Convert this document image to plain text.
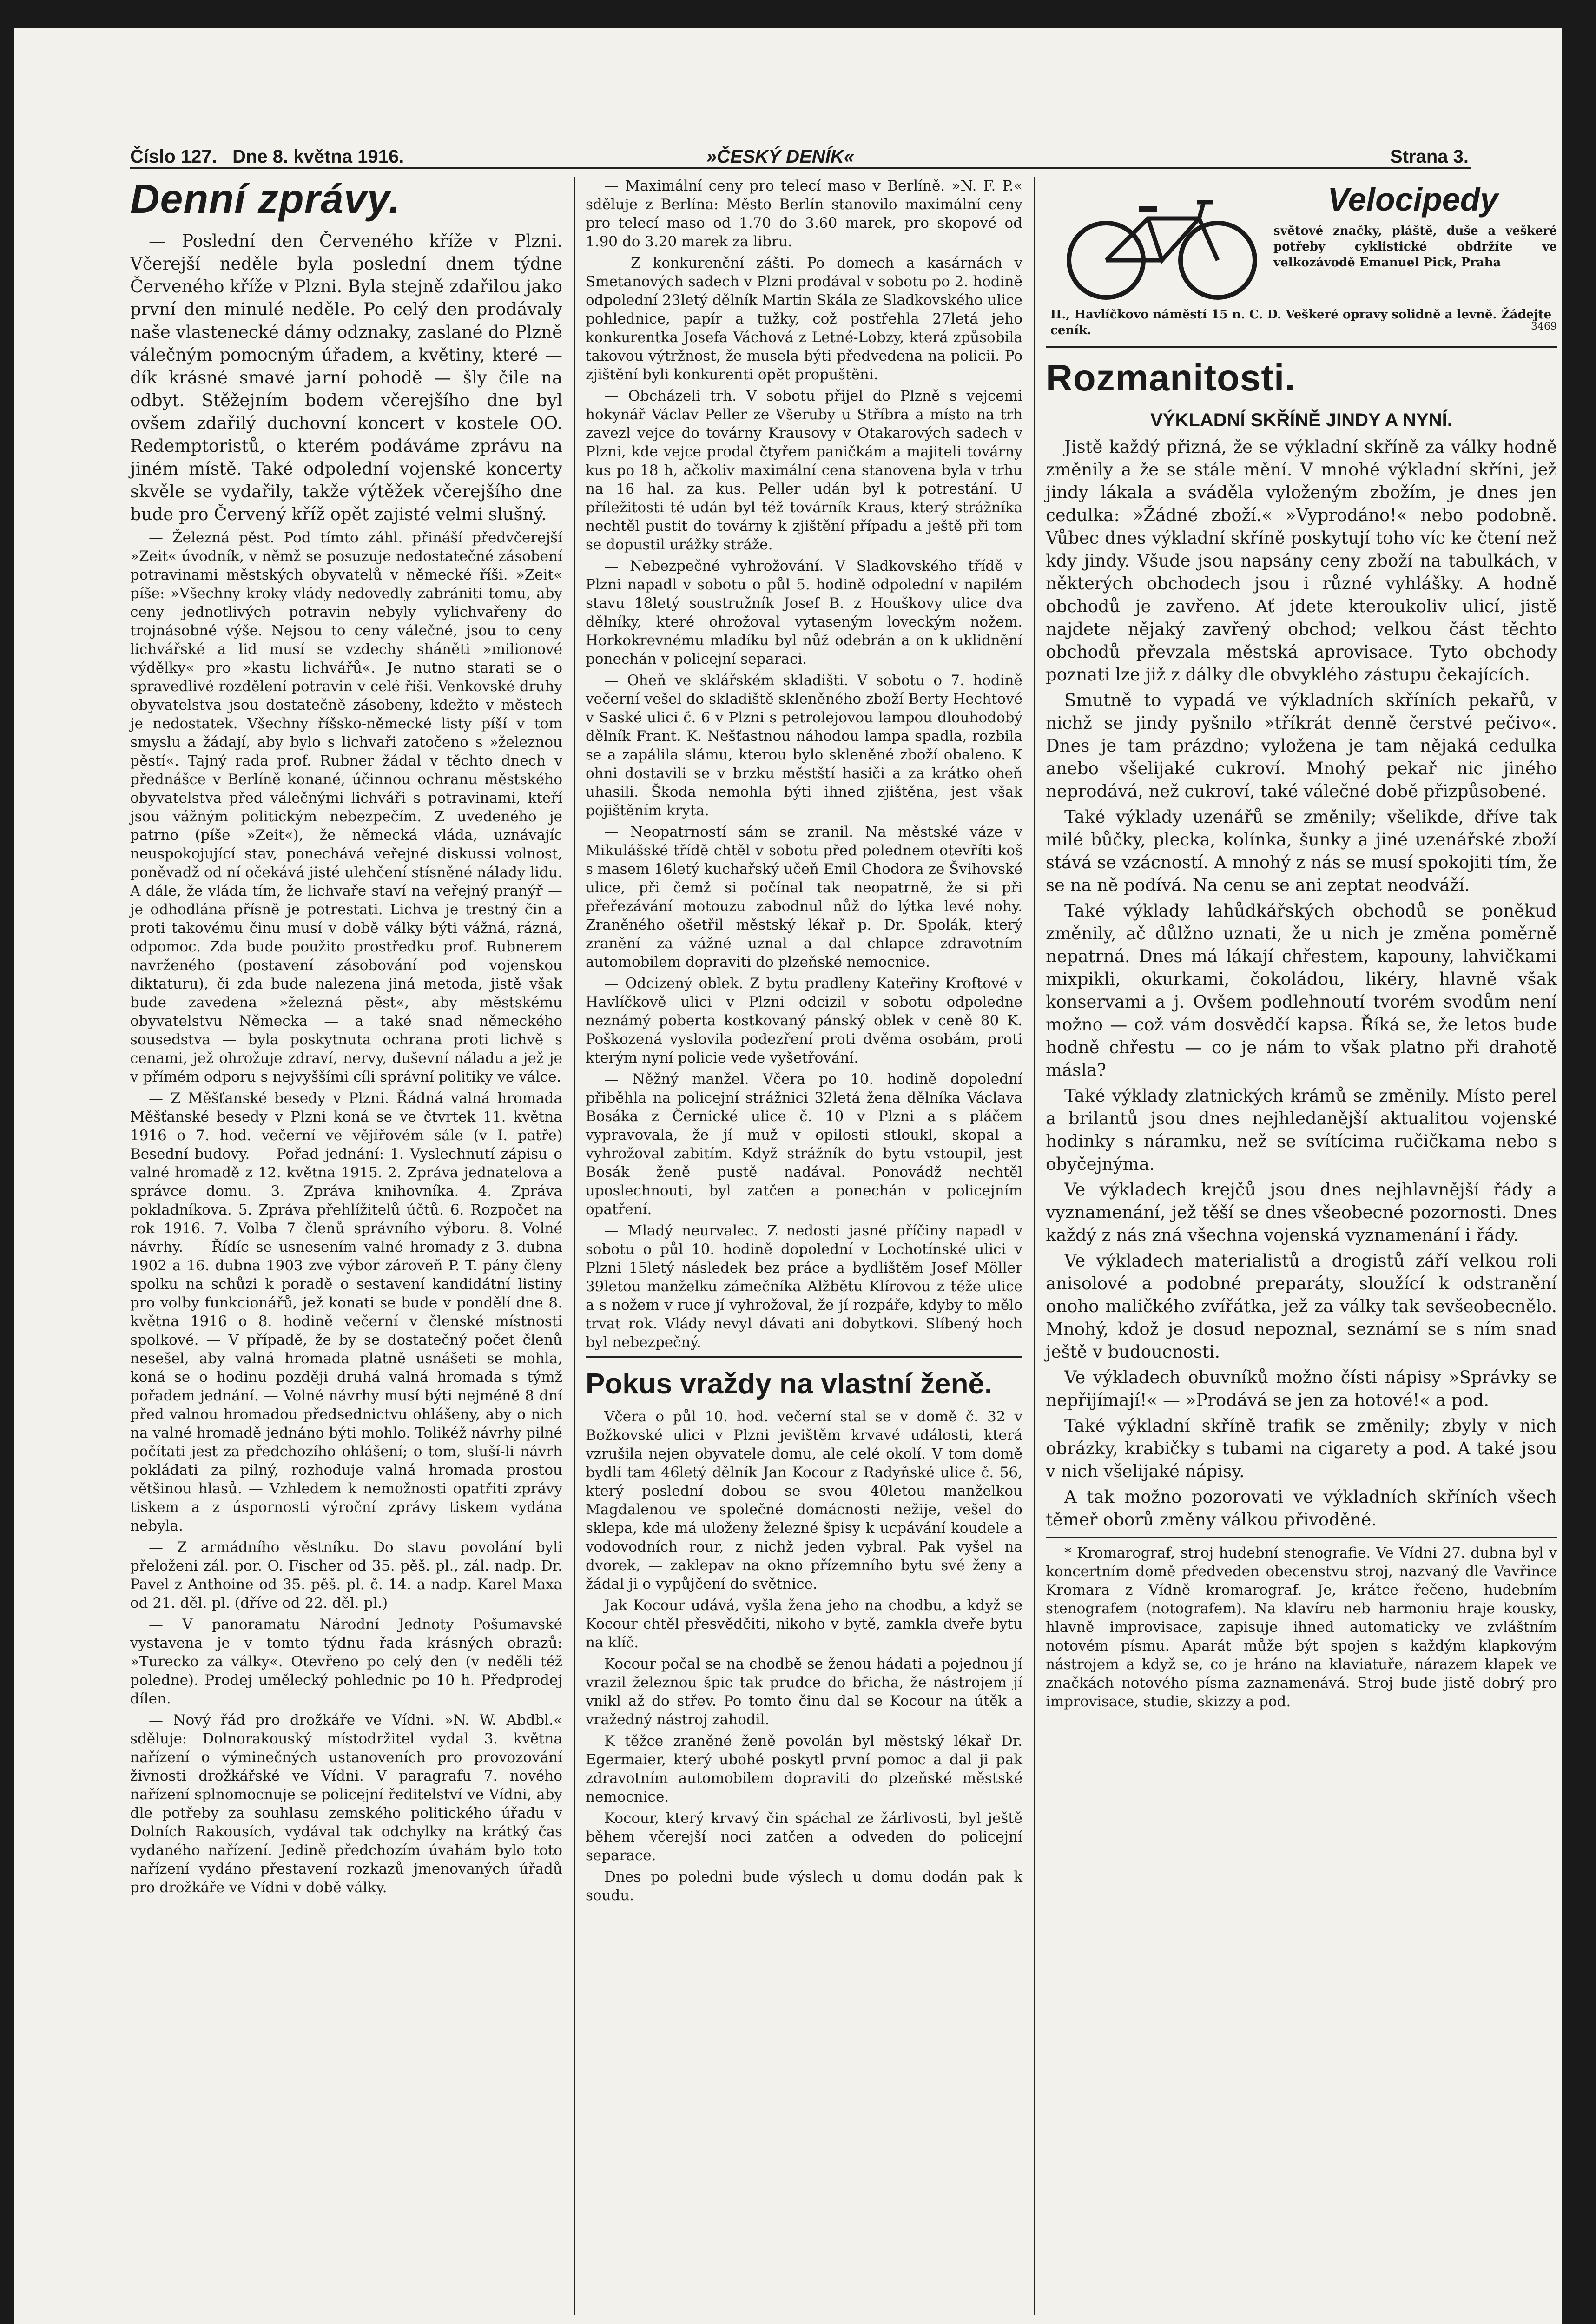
Číslo 127. Dne 8. května 1916.	»ČESKÝ DENÍK«	Strana 3.
Denní zprávy.

— Poslední den Červeného kříže v Plzni. Včerejší neděle byla poslední dnem týdne Červeného kříže v Plzni. Byla stejně zdařilou jako první den minulé neděle. Po celý den prodávaly naše vlastenecké dámy odznaky, zaslané do Plzně válečným pomocným úřadem, a květiny, které — dík krásné smavé jarní pohodě — šly čile na odbyt. Stěžejním bodem včerejšího dne byl ovšem zdařilý duchovní koncert v kostele OO. Redemptoristů, o kterém podáváme zprávu na jiném místě. Také odpolední vojenské koncerty skvěle se vydařily, takže výtěžek včerejšího dne bude pro Červený kříž opět zajisté velmi slušný.

— Železná pěst. Pod tímto záhl. přináší předvčerejší »Zeit« úvodník, v němž se posuzuje nedostatečné zásobení potravinami městských obyvatelů v německé říši. »Zeit« píše: »Všechny kroky vlády nedovedly zabrániti tomu, aby ceny jednotlivých potravin nebyly vylichvařeny do trojnásobné výše. Nejsou to ceny válečné, jsou to ceny lichvářské a lid musí se vzdechy sháněti »milionové výdělky« pro »kastu lichvářů«. Je nutno starati se o spravedlivé rozdělení potravin v celé říši. Venkovské druhy obyvatelstva jsou dostatečně zásobeny, kdežto v městech je nedostatek. Všechny říšsko-německé listy píší v tom smyslu a žádají, aby bylo s lichvaři zatočeno s »železnou pěstí«. Tajný rada prof. Rubner žádal v těchto dnech v přednášce v Berlíně konané, účinnou ochranu městského obyvatelstva před válečnými lichváři s potravinami, kteří jsou vážným politickým nebezpečím. Z uvedeného je patrno (píše »Zeit«), že německá vláda, uznávajíc neuspokojující stav, ponechává veřejné diskussi volnost, poněvadž od ní očekává jisté ulehčení stísněné nálady lidu. A dále, že vláda tím, že lichvaře staví na veřejný pranýř — je odhodlána přísně je potrestati. Lichva je trestný čin a proti takovému činu musí v době války býti vážná, rázná, odpomoc. Zda bude použito prostředku prof. Rubnerem navrženého (postavení zásobování pod vojenskou diktaturu), či zda bude nalezena jiná metoda, jistě však bude zavedena »železná pěst«, aby městskému obyvatelstvu Německa — a také snad německého sousedstva — byla poskytnuta ochrana proti lichvě s cenami, jež ohrožuje zdraví, nervy, duševní náladu a jež je v přímém odporu s nejvyššími cíli správní politiky ve válce.

— Z Měšťanské besedy v Plzni. Řádná valná hromada Měšťanské besedy v Plzni koná se ve čtvrtek 11. května 1916 o 7. hod. večerní ve vějířovém sále (v I. patře) Besední budovy. — Pořad jednání: 1. Vyslechnutí zápisu o valné hromadě z 12. května 1915. 2. Zpráva jednatelova a správce domu. 3. Zpráva knihovníka. 4. Zpráva pokladníkova. 5. Zpráva přehlížitelů účtů. 6. Rozpočet na rok 1916. 7. Volba 7 členů správního výboru. 8. Volné návrhy. — Řídíc se usnesením valné hromady z 3. dubna 1902 a 16. dubna 1903 zve výbor zároveň P. T. pány členy spolku na schůzi k poradě o sestavení kandidátní listiny pro volby funkcionářů, jež konati se bude v pondělí dne 8. května 1916 o 8. hodině večerní v členské místnosti spolkové. — V případě, že by se dostatečný počet členů nesešel, aby valná hromada platně usnášeti se mohla, koná se o hodinu později druhá valná hromada s týmž pořadem jednání. — Volné návrhy musí býti nejméně 8 dní před valnou hromadou předsednictvu ohlášeny, aby o nich na valné hromadě jednáno býti mohlo. Tolikéž návrhy pilné počítati jest za předchozího ohlášení; o tom, sluší-li návrh pokládati za pilný, rozhoduje valná hromada prostou většinou hlasů. — Vzhledem k nemožnosti opatřiti zprávy tiskem a z úspornosti výroční zprávy tiskem vydána nebyla.

— Z armádního věstníku. Do stavu povolání byli přeloženi zál. por. O. Fischer od 35. pěš. pl., zál. nadp. Dr. Pavel z Anthoine od 35. pěš. pl. č. 14. a nadp. Karel Maxa od 21. děl. pl. (dříve od 22. děl. pl.)

— V panoramatu Národní Jednoty Pošumavské vystavena je v tomto týdnu řada krásných obrazů: »Turecko za války«. Otevřeno po celý den (v neděli též poledne). Prodej umělecký pohlednic po 10 h. Předprodej dílen.

— Nový řád pro drožkáře ve Vídni. »N. W. Abdbl.« sděluje: Dolnorakouský místodržitel vydal 3. května nařízení o výminečných ustanoveních pro provozování živnosti drožkářské ve Vídni. V paragrafu 7. nového nařízení splnomocnuje se policejní ředitelství ve Vídni, aby dle potřeby za souhlasu zemského politického úřadu v Dolních Rakousích, vydával tak odchylky na krátký čas vydaného nařízení. Jedině předchozím úvahám bylo toto nařízení vydáno přestavení rozkazů jmenovaných úřadů pro drožkáře ve Vídni v době války.

— Maximální ceny pro telecí maso v Berlíně. »N. F. P.« sděluje z Berlína: Město Berlín stanovilo maximální ceny pro telecí maso od 1.70 do 3.60 marek, pro skopové od 1.90 do 3.20 marek za libru.

— Z konkurenční zášti. Po domech a kasárnách v Smetanových sadech v Plzni prodával v sobotu po 2. hodině odpolední 23letý dělník Martin Skála ze Sladkovského ulice pohlednice, papír a tužky, což postřehla 27letá jeho konkurentka Josefa Váchová z Letné-Lobzy, která způsobila takovou výtržnost, že musela býti předvedena na policii. Po zjištění byli konkurenti opět propuštěni.

— Obcházeli trh. V sobotu přijel do Plzně s vejcemi hokynář Václav Peller ze Všeruby u Stříbra a místo na trh zavezl vejce do továrny Krausovy v Otakarových sadech v Plzni, kde vejce prodal čtyřem paničkám a majiteli továrny kus po 18 h, ačkoliv maximální cena stanovena byla v trhu na 16 hal. za kus. Peller udán byl k potrestání. U příležitosti té udán byl též továrník Kraus, který strážníka nechtěl pustit do továrny k zjištění případu a ještě při tom se dopustil urážky stráže.

— Nebezpečné vyhrožování. V Sladkovského třídě v Plzni napadl v sobotu o půl 5. hodině odpolední v napilém stavu 18letý soustružník Josef B. z Houškovy ulice dva dělníky, které ohrožoval vytaseným loveckým nožem. Horkokrevnému mladíku byl nůž odebrán a on k uklidnění ponechán v policejní separaci.

— Oheň ve sklářském skladišti. V sobotu o 7. hodině večerní vešel do skladiště skleněného zboží Berty Hechtové v Saské ulici č. 6 v Plzni s petrolejovou lampou dlouhodobý dělník Frant. K. Nešťastnou náhodou lampa spadla, rozbila se a zapálila slámu, kterou bylo skleněné zboží obaleno. K ohni dostavili se v brzku městští hasiči a za krátko oheň uhasili. Škoda nemohla býti ihned zjištěna, jest však pojištěním kryta.

— Neopatrností sám se zranil. Na městské váze v Mikulášské třídě chtěl v sobotu před polednem otevříti koš s masem 16letý kuchařský učeň Emil Chodora ze Švihovské ulice, při čemž si počínal tak neopatrně, že si při přeřezávání motouzu zabodnul nůž do lýtka levé nohy. Zraněného ošetřil městský lékař p. Dr. Spolák, který zranění za vážné uznal a dal chlapce zdravotním automobilem dopraviti do plzeňské nemocnice.

— Odcizený oblek. Z bytu pradleny Kateřiny Kroftové v Havlíčkově ulici v Plzni odcizil v sobotu odpoledne neznámý pobertа kostkovaný pánský oblek v ceně 80 K. Poškozená vyslovila podezření proti dvěma osobám, proti kterým nyní policie vede vyšetřování.

— Něžný manžel. Včera po 10. hodině dopolední přiběhla na policejní strážnici 32letá žena dělníka Václava Bosáka z Černické ulice č. 10 v Plzni a s pláčem vypravovala, že jí muž v opilosti stloukl, skopal a vyhrožoval zabitím. Když strážník do bytu vstoupil, jest Bosák ženě pustě nadával. Ponovádž nechtěl uposlechnouti, byl zatčen a ponechán v policejním opatření.

— Mladý neurvalec. Z nedosti jasné příčiny napadl v sobotu o půl 10. hodině dopolední v Lochotínské ulici v Plzni 15letý následek bez práce a bydlištěm Josef Möller 39letou manželku zámečníka Alžbětu Klírovou z téže ulice a s nožem v ruce jí vyhrožoval, že jí rozpáře, kdyby to mělo trvat rok. Vlády nevyl dávati ani dobytkovi. Slíbený hoch byl nebezpečný.

Pokus vraždy na vlastní ženě.

Včera o půl 10. hod. večerní stal se v domě č. 32 v Božkovské ulici v Plzni jevištěm krvavé události, která vzrušila nejen obyvatele domu, ale celé okolí. V tom domě bydlí tam 46letý dělník Jan Kocour z Radyňské ulice č. 56, který poslední dobou se svou 40letou manželkou Magdalenou ve společné domácnosti nežije, vešel do sklepa, kde má uloženy železné špisy k ucpávání koudele a vodovodních rour, z nichž jeden vybral. Pak vyšel na dvorek, — zaklepav na okno přízemního bytu své ženy a žádal ji o vypůjčení do světnice.

Jak Kocour udává, vyšla žena jeho na chodbu, a když se Kocour chtěl přesvědčiti, nikoho v bytě, zamkla dveře bytu na klíč.

Kocour počal se na chodbě se ženou hádati a pojednou jí vrazil železnou špic tak prudce do břicha, že nástrojem jí vnikl až do střev. Po tomto činu dal se Kocour na útěk a vražedný nástroj zahodil.

K těžce zraněné ženě povolán byl městský lékař Dr. Egermaier, který ubohé poskytl první pomoc a dal ji pak zdravotním automobilem dopraviti do plzeňské městské nemocnice.

Kocour, který krvavý čin spáchal ze žárlivosti, byl ještě během včerejší noci zatčen a odveden do policejní separace.

Dnes po poledni bude výslech u domu dodán pak k soudu.

Velocipedy
světové značky, pláště, duše a veškeré potřeby cyklistické obdržíte ve velkozávodě Emanuel Pick, Praha
II., Havlíčkovo náměstí 15 n. C. D. Veškeré opravy solidně a levně. Žádejte ceník.	3469
Rozmanitosti.
VÝKLADNÍ SKŘÍNĚ JINDY A NYNÍ.

Jistě každý přizná, že se výkladní skříně za války hodně změnily a že se stále mění. V mnohé výkladní skříni, jež jindy lákala a sváděla vyloženým zbožím, je dnes jen cedulka: »Žádné zboží.« »Vyprodáno!« nebo podobně. Vůbec dnes výkladní skříně poskytují toho víc ke čtení než kdy jindy. Všude jsou napsány ceny zboží na tabulkách, v některých obchodech jsou i různé vyhlášky. A hodně obchodů je zavřeno. Ať jdete kteroukoliv ulicí, jistě najdete nějaký zavřený obchod; velkou část těchto obchodů převzala městská aprovisace. Tyto obchody poznati lze již z dálky dle obvyklého zástupu čekajících.

Smutně to vypadá ve výkladních skříních pekařů, v nichž se jindy pyšnilo »tříkrát denně čerstvé pečivo«. Dnes je tam prázdno; vyložena je tam nějaká cedulka anebo všelijaké cukroví. Mnohý pekař nic jiného neprodává, než cukroví, také válečné době přizpůsobené.

Také výklady uzenářů se změnily; všelikde, dříve tak milé bůčky, plecka, kolínka, šunky a jiné uzenářské zboží stává se vzácností. A mnohý z nás se musí spokojiti tím, že se na ně podívá. Na cenu se ani zeptat neodváží.

Také výklady lahůdkářských obchodů se poněkud změnily, ač důlžno uznati, že u nich je změna poměrně nepatrná. Dnes má lákají chřestem, kapouny, lahvičkami mixpikli, okurkami, čokoládou, likéry, hlavně však konservami a j. Ovšem podlehnoutí tvorém svodům není možno — což vám dosvědčí kapsa. Říká se, že letos bude hodně chřestu — co je nám to však platno při drahotě másla?

Také výklady zlatnických krámů se změnily. Místo perel a brilantů jsou dnes nejhledanější aktualitou vojenské hodinky s náramku, než se svítícima ručičkama nebo s obyčejnýma.

Ve výkladech krejčů jsou dnes nejhlavnější řády a vyznamenání, jež těší se dnes všeobecné pozornosti. Dnes každý z nás zná všechna vojenská vyznamenání i řády.

Ve výkladech materialistů a drogistů září velkou roli anisolové a podobné preparáty, sloužící k odstranění onoho maličkého zvířátka, jež za války tak sevšeobecnělo. Mnohý, kdož je dosud nepoznal, seznámí se s ním snad ještě v budoucnosti.

Ve výkladech obuvníků možno čísti nápisy »Správky se nepřijímají!« — »Prodává se jen za hotové!« a pod.

Také výkladní skříně trafik se změnily; zbyly v nich obrázky, krabičky s tubami na cigarety a pod. A také jsou v nich všelijaké nápisy.

A tak možno pozorovati ve výkladních skříních všech těmeř oborů změny válkou přivoděné.

* Kromarograf, stroj hudební stenografie. Ve Vídni 27. dubna byl v koncertním domě předveden obecenstvu stroj, nazvaný dle Vavřince Kromara z Vídně kromarograf. Je, krátce řečeno, hudebním stenografem (notografem). Na klavíru neb harmoniu hraje kousky, hlavně improvisace, zapisuje ihned automaticky ve zvláštním notovém písmu. Aparát může být spojen s každým klapkovým nástrojem a když se, co je hráno na klaviatuře, nárazem klapek ve značkách notového písma zaznamenává. Stroj bude jistě dobrý pro improvisace, studie, skizzy a pod.
